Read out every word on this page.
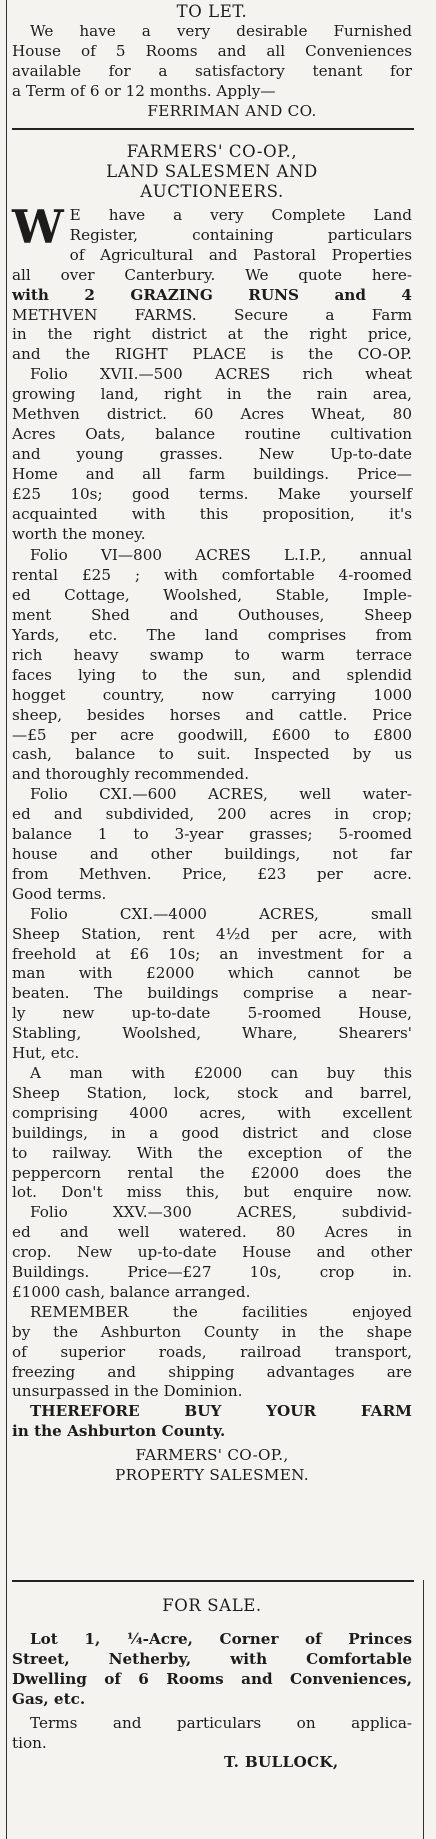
TO LET.
We have a very desirable Furnished
House of 5 Rooms and all Conveniences
available for a satisfactory tenant for
a Term of 6 or 12 months. Apply—
FERRIMAN AND CO.
FARMERS' CO-OP.,
LAND SALESMEN AND
AUCTIONEERS.
W E have a very Complete Land
Register, containing particulars
of Agricultural and Pastoral Properties
all over Canterbury. We quote here-
with 2 GRAZING RUNS and 4
METHVEN FARMS. Secure a Farm
in the right district at the right price,
and the RIGHT PLACE is the CO-OP.
Folio XVII.—500 ACRES rich wheat
growing land, right in the rain area,
Methven district. 60 Acres Wheat, 80
Acres Oats, balance routine cultivation
and young grasses. New Up-to-date
Home and all farm buildings. Price—
£25 10s; good terms. Make yourself
acquainted with this proposition, it's
worth the money.
Folio VI—800 ACRES L.I.P., annual
rental £25 ; with comfortable 4-roomed
ed Cottage, Woolshed, Stable, Imple-
ment Shed and Outhouses, Sheep
Yards, etc. The land comprises from
rich heavy swamp to warm terrace
faces lying to the sun, and splendid
hogget country, now carrying 1000
sheep, besides horses and cattle. Price
—£5 per acre goodwill, £600 to £800
cash, balance to suit. Inspected by us
and thoroughly recommended.
Folio CXI.—600 ACRES, well water-
ed and subdivided, 200 acres in crop;
balance 1 to 3-year grasses; 5-roomed
house and other buildings, not far
from Methven. Price, £23 per acre.
Good terms.
Folio CXI.—4000 ACRES, small
Sheep Station, rent 4½d per acre, with
freehold at £6 10s; an investment for a
man with £2000 which cannot be
beaten. The buildings comprise a near-
ly new up-to-date 5-roomed House,
Stabling, Woolshed, Whare, Shearers'
Hut, etc.
A man with £2000 can buy this
Sheep Station, lock, stock and barrel,
comprising 4000 acres, with excellent
buildings, in a good district and close
to railway. With the exception of the
peppercorn rental the £2000 does the
lot. Don't miss this, but enquire now.
Folio XXV.—300 ACRES, subdivid-
ed and well watered. 80 Acres in
crop. New up-to-date House and other
Buildings. Price—£27 10s, crop in.
£1000 cash, balance arranged.
REMEMBER the facilities enjoyed
by the Ashburton County in the shape
of superior roads, railroad transport,
freezing and shipping advantages are
unsurpassed in the Dominion.
THEREFORE BUY YOUR FARM
in the Ashburton County.
FARMERS' CO-OP.,
PROPERTY SALESMEN.
FOR SALE.
Lot 1, ¼-Acre, Corner of Princes
Street, Netherby, with Comfortable
Dwelling of 6 Rooms and Conveniences,
Gas, etc.
Terms and particulars on applica-
tion.
T. BULLOCK,
